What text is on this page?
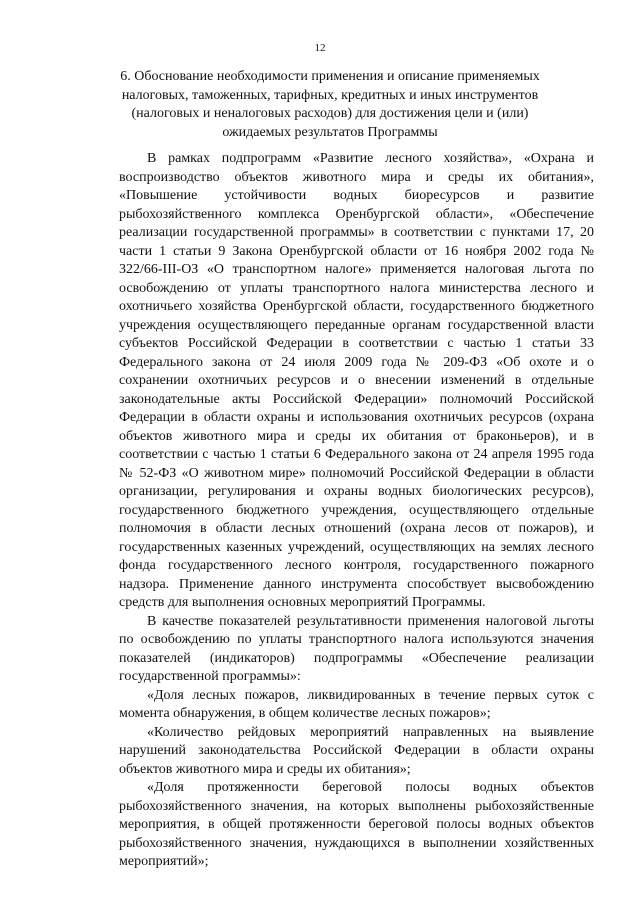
12
6. Обоснование необходимости применения и описание применяемых налоговых, таможенных, тарифных, кредитных и иных инструментов (налоговых и неналоговых расходов) для достижения цели и (или) ожидаемых результатов Программы

В рамках подпрограмм «Развитие лесного хозяйства», «Охрана и воспроизводство объектов животного мира и среды их обитания», «Повышение устойчивости водных биоресурсов и развитие рыбохозяйственного комплекса Оренбургской области», «Обеспечение реализации государственной программы» в соответствии с пунктами 17, 20 части 1 статьи 9 Закона Оренбургской области от 16 ноября 2002 года № 322/66-III-ОЗ «О транспортном налоге» применяется налоговая льгота по освобождению от уплаты транспортного налога министерства лесного и охотничьего хозяйства Оренбургской области, государственного бюджетного учреждения осуществляющего переданные органам государственной власти субъектов Российской Федерации в соответствии с частью 1 статьи 33 Федерального закона от 24 июля 2009 года № 209-ФЗ «Об охоте и о сохранении охотничьих ресурсов и о внесении изменений в отдельные законодательные акты Российской Федерации» полномочий Российской Федерации в области охраны и использования охотничьих ресурсов (охрана объектов животного мира и среды их обитания от браконьеров), и в соответствии с частью 1 статьи 6 Федерального закона от 24 апреля 1995 года № 52-ФЗ «О животном мире» полномочий Российской Федерации в области организации, регулирования и охраны водных биологических ресурсов), государственного бюджетного учреждения, осуществляющего отдельные полномочия в области лесных отношений (охрана лесов от пожаров), и государственных казенных учреждений, осуществляющих на землях лесного фонда государственного лесного контроля, государственного пожарного надзора. Применение данного инструмента способствует высвобождению средств для выполнения основных мероприятий Программы.

В качестве показателей результативности применения налоговой льготы по освобождению по уплаты транспортного налога используются значения показателей (индикаторов) подпрограммы «Обеспечение реализации государственной программы»:

«Доля лесных пожаров, ликвидированных в течение первых суток с момента обнаружения, в общем количестве лесных пожаров»;

«Количество рейдовых мероприятий направленных на выявление нарушений законодательства Российской Федерации в области охраны объектов животного мира и среды их обитания»;

«Доля протяженности береговой полосы водных объектов рыбохозяйственного значения, на которых выполнены рыбохозяйственные мероприятия, в общей протяженности береговой полосы водных объектов рыбохозяйственного значения, нуждающихся в выполнении хозяйственных мероприятий»;
